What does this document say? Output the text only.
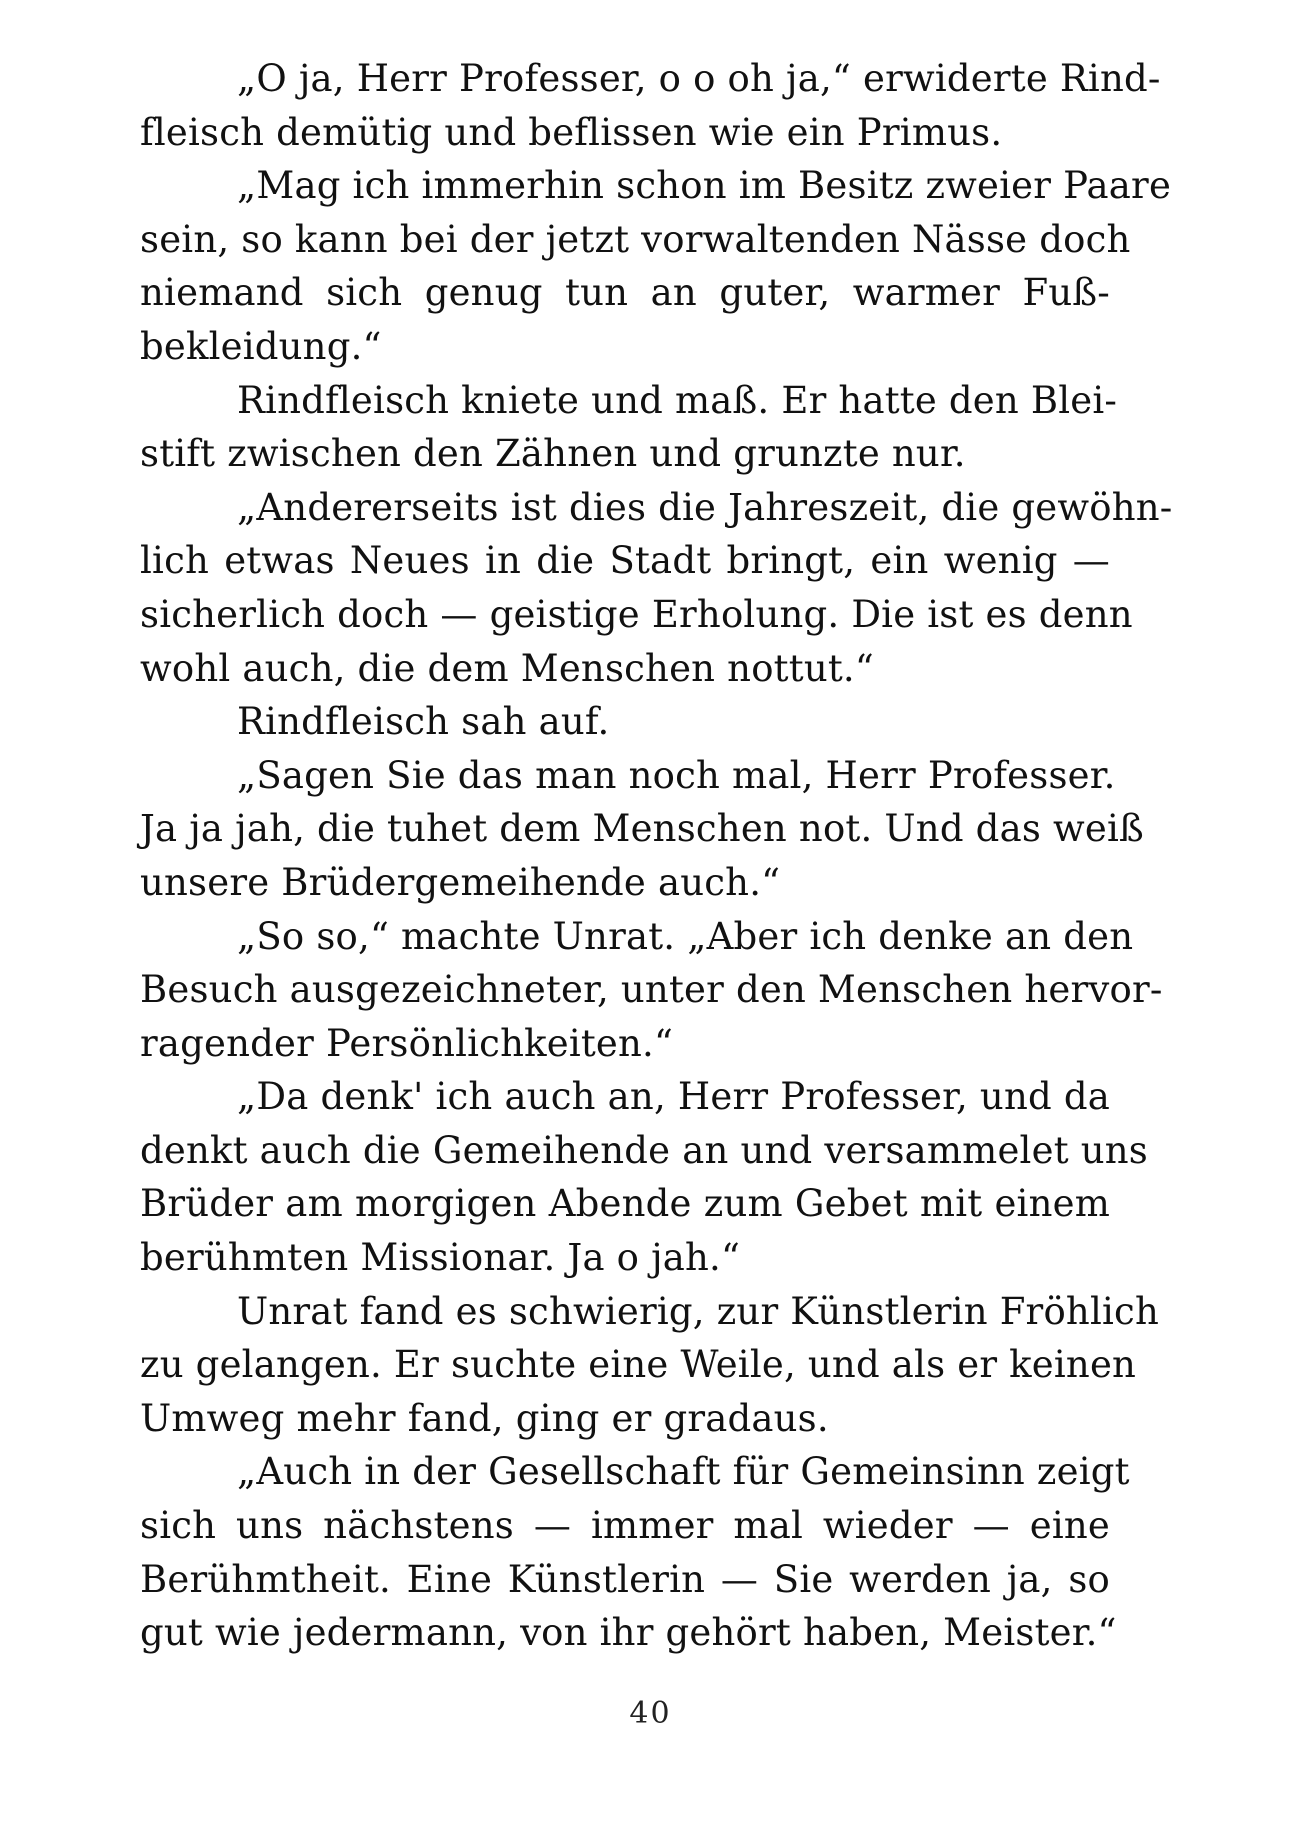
„O ja, Herr Professer, o o oh ja,“ erwiderte Rind-
fleisch demütig und beflissen wie ein Primus.
„Mag ich immerhin schon im Besitz zweier Paare
sein, so kann bei der jetzt vorwaltenden Nässe doch
niemand sich genug tun an guter, warmer Fuß-
bekleidung.“
Rindfleisch kniete und maß. Er hatte den Blei-
stift zwischen den Zähnen und grunzte nur.
„Andererseits ist dies die Jahreszeit, die gewöhn-
lich etwas Neues in die Stadt bringt, ein wenig —
sicherlich doch — geistige Erholung. Die ist es denn
wohl auch, die dem Menschen nottut.“
Rindfleisch sah auf.
„Sagen Sie das man noch mal, Herr Professer.
Ja ja jah, die tuhet dem Menschen not. Und das weiß
unsere Brüdergemeihende auch.“
„So so,“ machte Unrat. „Aber ich denke an den
Besuch ausgezeichneter, unter den Menschen hervor-
ragender Persönlichkeiten.“
„Da denk' ich auch an, Herr Professer, und da
denkt auch die Gemeihende an und versammelet uns
Brüder am morgigen Abende zum Gebet mit einem
berühmten Missionar. Ja o jah.“
Unrat fand es schwierig, zur Künstlerin Fröhlich
zu gelangen. Er suchte eine Weile, und als er keinen
Umweg mehr fand, ging er gradaus.
„Auch in der Gesellschaft für Gemeinsinn zeigt
sich uns nächstens — immer mal wieder — eine
Berühmtheit. Eine Künstlerin — Sie werden ja, so
gut wie jedermann, von ihr gehört haben, Meister.“
40
